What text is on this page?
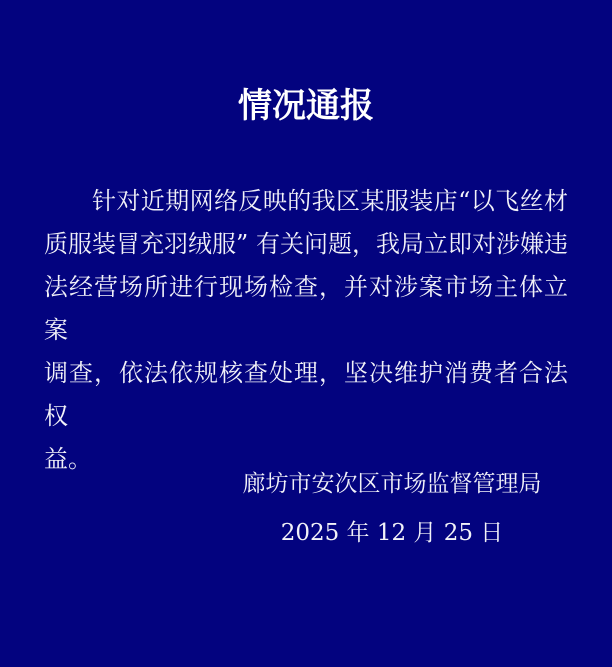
情况通报

针对近期网络反映的我区某服装店“以飞丝材

质服装冒充羽绒服” 有关问题，我局立即对涉嫌违

法经营场所进行现场检查，并对涉案市场主体立案

调查，依法依规核查处理，坚决维护消费者合法权

益。

廊坊市安次区市场监督管理局
2025 年 12 月 25 日
